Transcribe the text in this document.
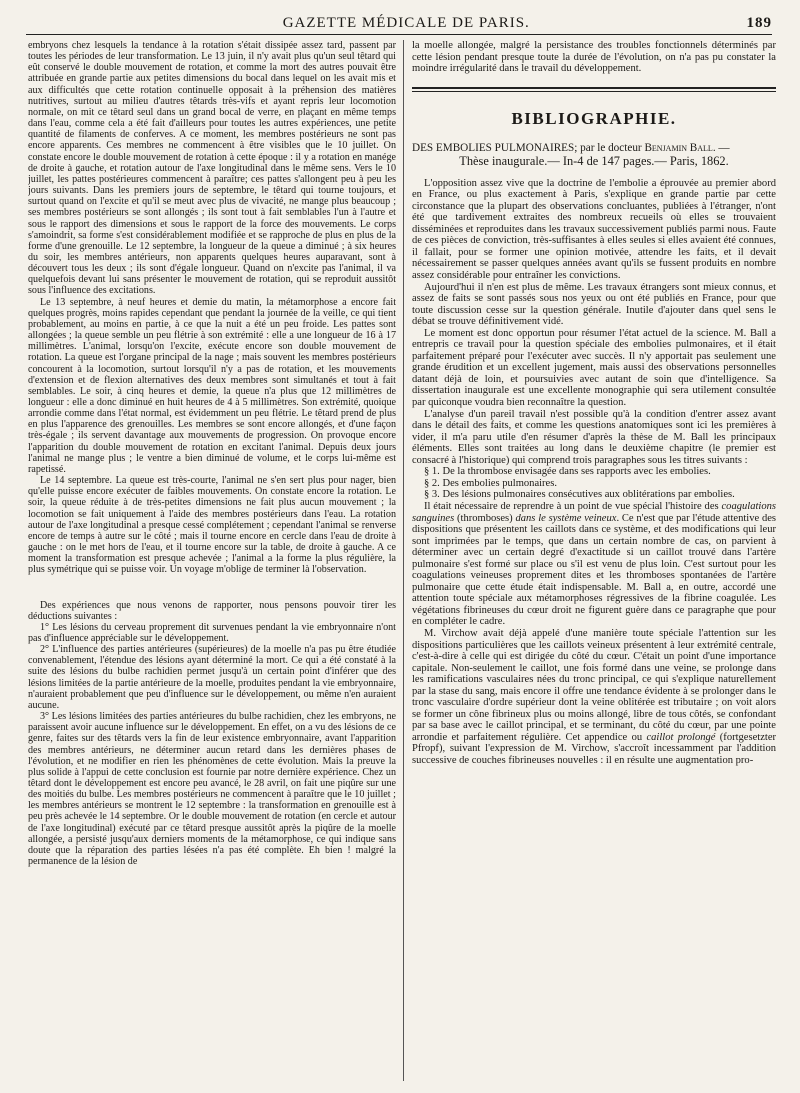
GAZETTE MÉDICALE DE PARIS.	189

embryons chez lesquels la tendance à la rotation s'était dissipée assez tard, passent par toutes les périodes de leur transformation. Le 13 juin, il n'y avait plus qu'un seul têtard qui eût conservé le double mouvement de rotation, et comme la mort des autres pouvait être attribuée en grande partie aux petites dimensions du bocal dans lequel on les avait mis et aux difficultés que cette rotation continuelle opposait à la préhension des matières nutritives, surtout au milieu d'autres têtards très-vifs et ayant repris leur locomotion normale, on mit ce têtard seul dans un grand bocal de verre, en plaçant en même temps dans l'eau, comme cela a été fait d'ailleurs pour toutes les autres expériences, une petite quantité de filaments de conferves. A ce moment, les membres postérieurs ne sont pas encore apparents. Ces membres ne commencent à être visibles que le 10 juillet. On constate encore le double mouvement de rotation à cette époque : il y a rotation en manége de droite à gauche, et rotation autour de l'axe longitudinal dans le même sens. Vers le 10 juillet, les pattes postérieures commencent à paraître; ces pattes s'allongent peu à peu les jours suivants. Dans les premiers jours de septembre, le têtard qui tourne toujours, et surtout quand on l'excite et qu'il se meut avec plus de vivacité, ne mange plus beaucoup ; ses membres postérieurs se sont allongés ; ils sont tout à fait semblables l'un à l'autre et sous le rapport des dimensions et sous le rapport de la force des mouvements. Le corps s'amoindrit, sa forme s'est considérablement modifiée et se rapproche de plus en plus de la forme d'une grenouille. Le 12 septembre, la longueur de la queue a diminué ; à six heures du soir, les membres antérieurs, non apparents quelques heures auparavant, sont à découvert tous les deux ; ils sont d'égale longueur. Quand on n'excite pas l'animal, il va quelquefois devant lui sans présenter le mouvement de rotation, qui se reproduit aussitôt sous l'influence des excitations.

Le 13 septembre, à neuf heures et demie du matin, la métamorphose a encore fait quelques progrès, moins rapides cependant que pendant la journée de la veille, ce qui tient probablement, au moins en partie, à ce que la nuit a été un peu froide. Les pattes sont allongées ; la queue semble un peu flétrie à son extrémité : elle a une longueur de 16 à 17 millimètres. L'animal, lorsqu'on l'excite, exécute encore son double mouvement de rotation. La queue est l'organe principal de la nage ; mais souvent les membres postérieurs concourent à la locomotion, surtout lorsqu'il n'y a pas de rotation, et les mouvements d'extension et de flexion alternatives des deux membres sont simultanés et tout à fait semblables. Le soir, à cinq heures et demie, la queue n'a plus que 12 millimètres de longueur : elle a donc diminué en huit heures de 4 à 5 millimètres. Son extrémité, quoique arrondie comme dans l'état normal, est évidemment un peu flétrie. Le têtard prend de plus en plus l'apparence des grenouilles. Les membres se sont encore allongés, et d'une façon très-égale ; ils servent davantage aux mouvements de progression. On provoque encore l'apparition du double mouvement de rotation en excitant l'animal. Depuis deux jours l'animal ne mange plus ; le ventre a bien diminué de volume, et le corps lui-même est rapetissé.

Le 14 septembre. La queue est très-courte, l'animal ne s'en sert plus pour nager, bien qu'elle puisse encore exécuter de faibles mouvements. On constate encore la rotation. Le soir, la queue réduite à de très-petites dimensions ne fait plus aucun mouvement ; la locomotion se fait uniquement à l'aide des membres postérieurs dans l'eau. La rotation autour de l'axe longitudinal a presque cessé complétement ; cependant l'animal se renverse encore de temps à autre sur le côté ; mais il tourne encore en cercle dans l'eau de droite à gauche : on le met hors de l'eau, et il tourne encore sur la table, de droite à gauche. A ce moment la transformation est presque achevée ; l'animal a la forme la plus régulière, la plus symétrique qui se puisse voir. Un voyage m'oblige de terminer là l'observation.

Des expériences que nous venons de rapporter, nous pensons pouvoir tirer les déductions suivantes :

1° Les lésions du cerveau proprement dit survenues pendant la vie embryonnaire n'ont pas d'influence appréciable sur le développement.

2° L'influence des parties antérieures (supérieures) de la moelle n'a pas pu être étudiée convenablement, l'étendue des lésions ayant déterminé la mort. Ce qui a été constaté à la suite des lésions du bulbe rachidien permet jusqu'à un certain point d'inférer que des lésions limitées de la partie antérieure de la moelle, produites pendant la vie embryonnaire, n'auraient probablement que peu d'influence sur le développement, ou même n'en auraient aucune.

3° Les lésions limitées des parties antérieures du bulbe rachidien, chez les embryons, ne paraissent avoir aucune influence sur le développement. En effet, on a vu des lésions de ce genre, faites sur des têtards vers la fin de leur existence embryonnaire, avant l'apparition des membres antérieurs, ne déterminer aucun retard dans les dernières phases de l'évolution, et ne modifier en rien les phénomènes de cette évolution. Mais la preuve la plus solide à l'appui de cette conclusion est fournie par notre dernière expérience. Chez un têtard dont le développement est encore peu avancé, le 28 avril, on fait une piqûre sur une des moitiés du bulbe. Les membres postérieurs ne commencent à paraître que le 10 juillet ; les membres antérieurs se montrent le 12 septembre : la transformation en grenouille est à peu près achevée le 14 septembre. Or le double mouvement de rotation (en cercle et autour de l'axe longitudinal) exécuté par ce têtard presque aussitôt après la piqûre de la moelle allongée, a persisté jusqu'aux derniers moments de la métamorphose, ce qui indique sans doute que la réparation des parties lésées n'a pas été complète. Eh bien ! malgré la permanence de la lésion de

la moelle allongée, malgré la persistance des troubles fonctionnels déterminés par cette lésion pendant presque toute la durée de l'évolution, on n'a pas pu constater la moindre irrégularité dans le travail du développement.

BIBLIOGRAPHIE.
DES EMBOLIES PULMONAIRES; par le docteur Benjamin Ball. —
Thèse inaugurale.— In-4 de 147 pages.— Paris, 1862.

L'opposition assez vive que la doctrine de l'embolie a éprouvée au premier abord en France, ou plus exactement à Paris, s'explique en grande partie par cette circonstance que la plupart des observations concluantes, publiées à l'étranger, n'ont été que tardivement extraites des nombreux recueils où elles se trouvaient disséminées et reproduites dans les travaux successivement publiés parmi nous. Faute de ces pièces de conviction, très-suffisantes à elles seules si elles avaient été connues, il fallait, pour se former une opinion motivée, attendre les faits, et il devait nécessairement se passer quelques années avant qu'ils se fussent produits en nombre assez considérable pour entraîner les convictions.

Aujourd'hui il n'en est plus de même. Les travaux étrangers sont mieux connus, et assez de faits se sont passés sous nos yeux ou ont été publiés en France, pour que toute discussion cesse sur la question générale. Inutile d'ajouter dans quel sens le débat se trouve définitivement vidé.

Le moment est donc opportun pour résumer l'état actuel de la science. M. Ball a entrepris ce travail pour la question spéciale des embolies pulmonaires, et il était parfaitement préparé pour l'exécuter avec succès. Il n'y apportait pas seulement une grande érudition et un excellent jugement, mais aussi des observations personnelles datant déjà de loin, et poursuivies avec autant de soin que d'intelligence. Sa dissertation inaugurale est une excellente monographie qui sera utilement consultée par quiconque voudra bien reconnaître la question.

L'analyse d'un pareil travail n'est possible qu'à la condition d'entrer assez avant dans le détail des faits, et comme les questions anatomiques sont ici les premières à vider, il m'a paru utile d'en résumer d'après la thèse de M. Ball les principaux éléments. Elles sont traitées au long dans le deuxième chapitre (le premier est consacré à l'historique) qui comprend trois paragraphes sous les titres suivants :

§ 1. De la thrombose envisagée dans ses rapports avec les embolies.

§ 2. Des embolies pulmonaires.

§ 3. Des lésions pulmonaires consécutives aux oblitérations par embolies.

Il était nécessaire de reprendre à un point de vue spécial l'histoire des coagulations sanguines (thromboses) dans le système veineux. Ce n'est que par l'étude attentive des dispositions que présentent les caillots dans ce système, et des modifications qui leur sont imprimées par le temps, que dans un certain nombre de cas, on parvient à déterminer avec un certain degré d'exactitude si un caillot trouvé dans l'artère pulmonaire s'est formé sur place ou s'il est venu de plus loin. C'est surtout pour les coagulations veineuses proprement dites et les thromboses spontanées de l'artère pulmonaire que cette étude était indispensable. M. Ball a, en outre, accordé une attention toute spéciale aux métamorphoses régressives de la fibrine coagulée. Les végétations fibrineuses du cœur droit ne figurent guère dans ce paragraphe que pour en compléter le cadre.

M. Virchow avait déjà appelé d'une manière toute spéciale l'attention sur les dispositions particulières que les caillots veineux présentent à leur extrémité centrale, c'est-à-dire à celle qui est dirigée du côté du cœur. C'était un point d'une importance capitale. Non-seulement le caillot, une fois formé dans une veine, se prolonge dans les ramifications vasculaires nées du tronc principal, ce qui s'explique naturellement par la stase du sang, mais encore il offre une tendance évidente à se prolonger dans le tronc vasculaire d'ordre supérieur dont la veine oblitérée est tributaire ; on voit alors se former un cône fibrineux plus ou moins allongé, libre de tous côtés, se confondant par sa base avec le caillot principal, et se terminant, du côté du cœur, par une pointe arrondie et parfaitement régulière. Cet appendice ou caillot prolongé (fortgesetzter Pfropf), suivant l'expression de M. Virchow, s'accroît incessamment par l'addition successive de couches fibrineuses nouvelles : il en résulte une augmentation pro-
